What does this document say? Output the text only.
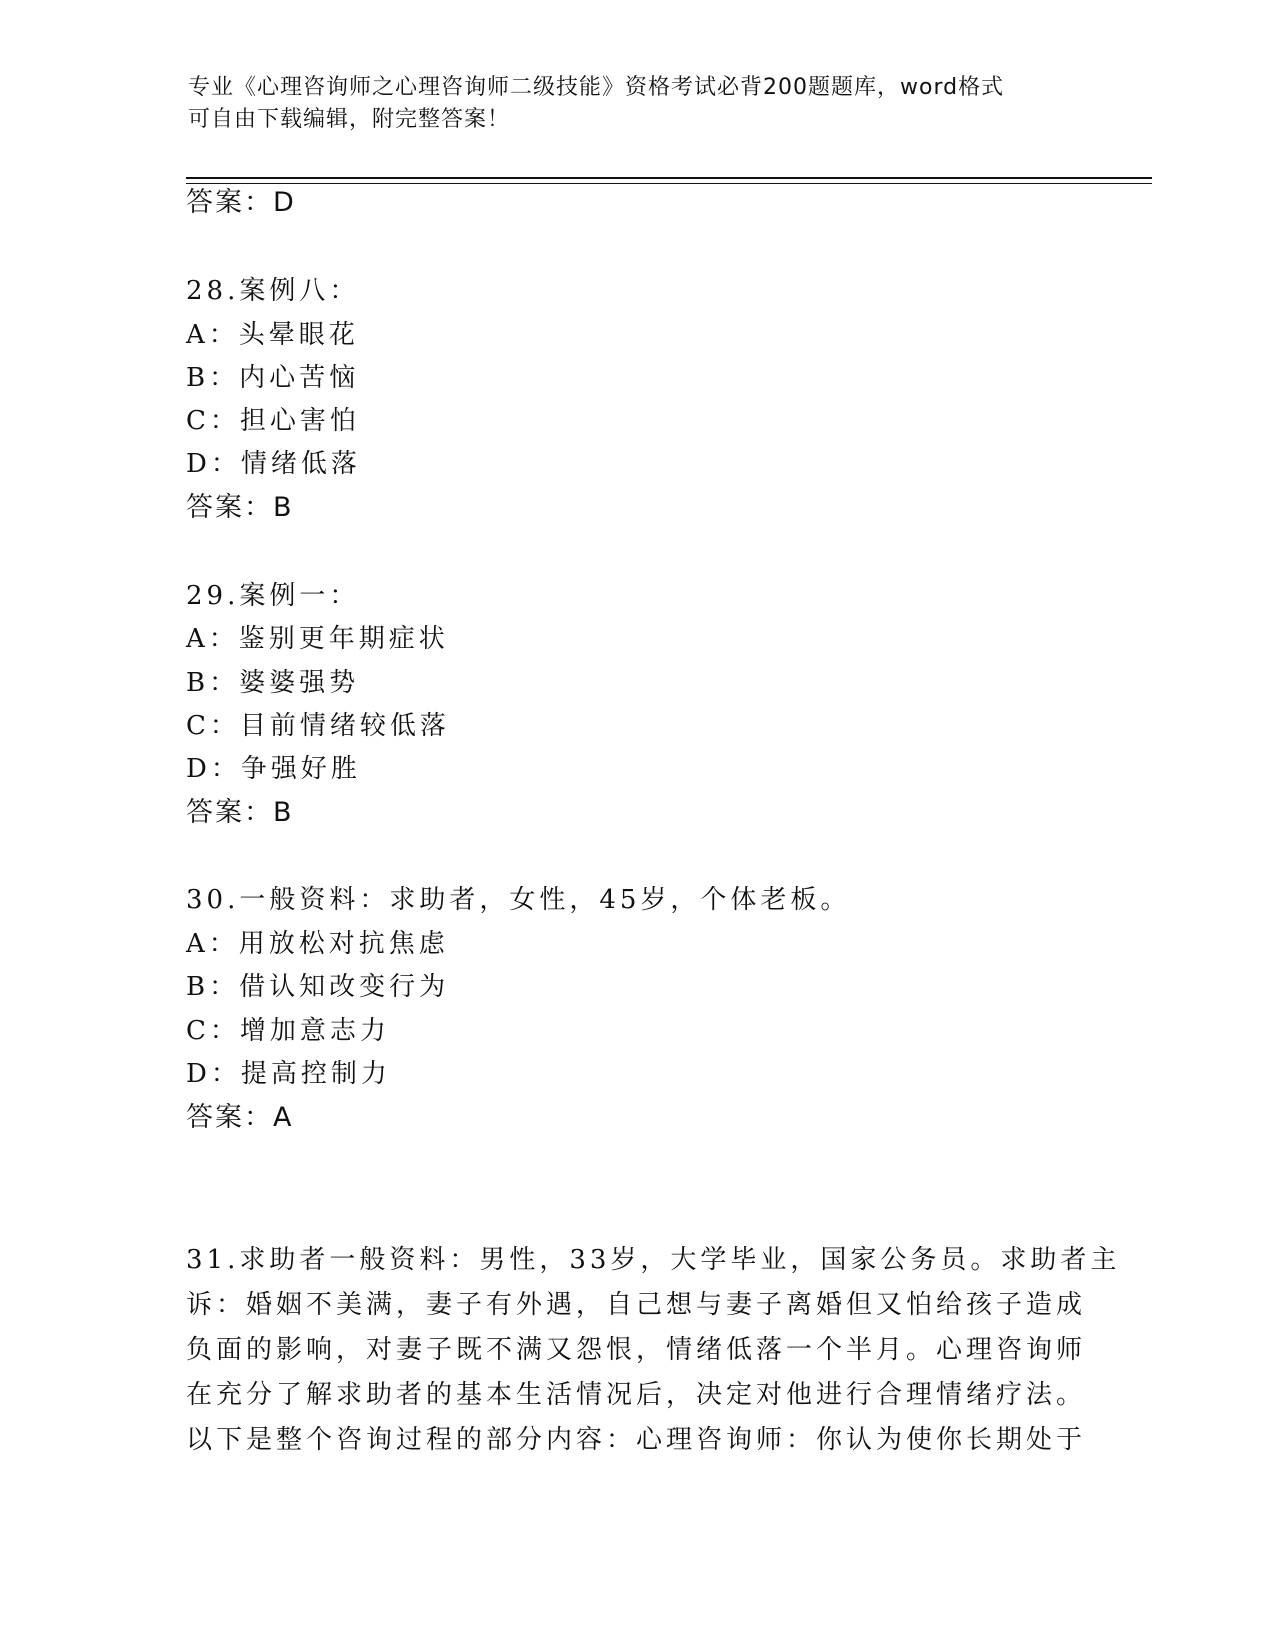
专业《心理咨询师之心理咨询师二级技能》资格考试必背200题题库，word格式
可自由下载编辑，附完整答案！
答案：D
28.案例八：
A：头晕眼花
B：内心苦恼
C：担心害怕
D：情绪低落
答案：B
29.案例一：
A：鉴别更年期症状
B：婆婆强势
C：目前情绪较低落
D：争强好胜
答案：B
30.一般资料：求助者，女性，45岁，个体老板。
A：用放松对抗焦虑
B：借认知改变行为
C：增加意志力
D：提高控制力
答案：A
31.求助者一般资料：男性，33岁，大学毕业，国家公务员。求助者主
诉：婚姻不美满，妻子有外遇，自己想与妻子离婚但又怕给孩子造成
负面的影响，对妻子既不满又怨恨，情绪低落一个半月。心理咨询师
在充分了解求助者的基本生活情况后，决定对他进行合理情绪疗法。
以下是整个咨询过程的部分内容：心理咨询师：你认为使你长期处于
